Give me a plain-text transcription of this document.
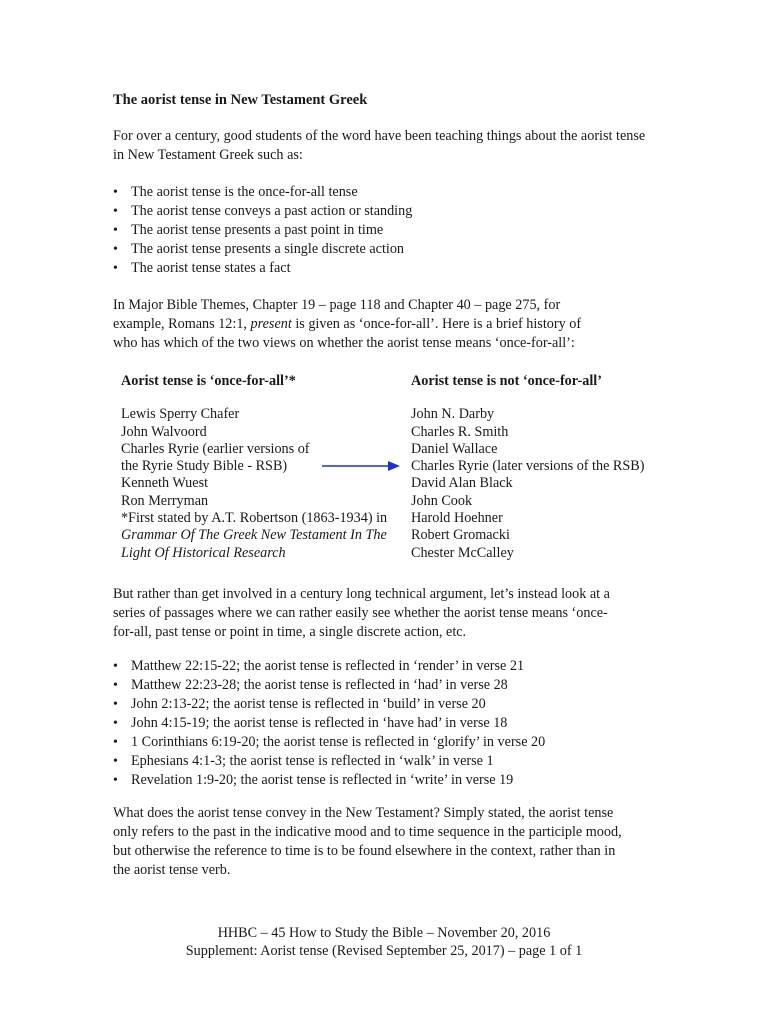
The aorist tense in New Testament Greek

For over a century, good students of the word have been teaching things about the aorist tense in New Testament Greek such as:

• The aorist tense is the once-for-all tense
• The aorist tense conveys a past action or standing
• The aorist tense presents a past point in time
• The aorist tense presents a single discrete action
• The aorist tense states a fact

In Major Bible Themes, Chapter 19 – page 118 and Chapter 40 – page 275, for

example, Romans 12:1, present is given as ‘once-for-all’. Here is a brief history of

who has which of the two views on whether the aorist tense means ‘once-for-all’:

Aorist tense is ‘once-for-all’*
Lewis Sperry Chafer
John Walvoord
Charles Ryrie (earlier versions of
the Ryrie Study Bible - RSB)
Kenneth Wuest
Ron Merryman
*First stated by A.T. Robertson (1863-1934) in
Grammar Of The Greek New Testament In The
Light Of Historical Research
Aorist tense is not ‘once-for-all’
John N. Darby
Charles R. Smith
Daniel Wallace
Charles Ryrie (later versions of the RSB)
David Alan Black
John Cook
Harold Hoehner
Robert Gromacki
Chester McCalley

But rather than get involved in a century long technical argument, let’s instead look at a

series of passages where we can rather easily see whether the aorist tense means ‘once-

for-all, past tense or point in time, a single discrete action, etc.

• Matthew 22:15-22; the aorist tense is reflected in ‘render’ in verse 21
• Matthew 22:23-28; the aorist tense is reflected in ‘had’ in verse 28
• John 2:13-22; the aorist tense is reflected in ‘build’ in verse 20
• John 4:15-19; the aorist tense is reflected in ‘have had’ in verse 18
• 1 Corinthians 6:19-20; the aorist tense is reflected in ‘glorify’ in verse 20
• Ephesians 4:1-3; the aorist tense is reflected in ‘walk’ in verse 1
• Revelation 1:9-20; the aorist tense is reflected in ‘write’ in verse 19

What does the aorist tense convey in the New Testament? Simply stated, the aorist tense

only refers to the past in the indicative mood and to time sequence in the participle mood,

but otherwise the reference to time is to be found elsewhere in the context, rather than in

the aorist tense verb.

HHBC – 45 How to Study the Bible – November 20, 2016
Supplement: Aorist tense (Revised September 25, 2017) – page 1 of 1
